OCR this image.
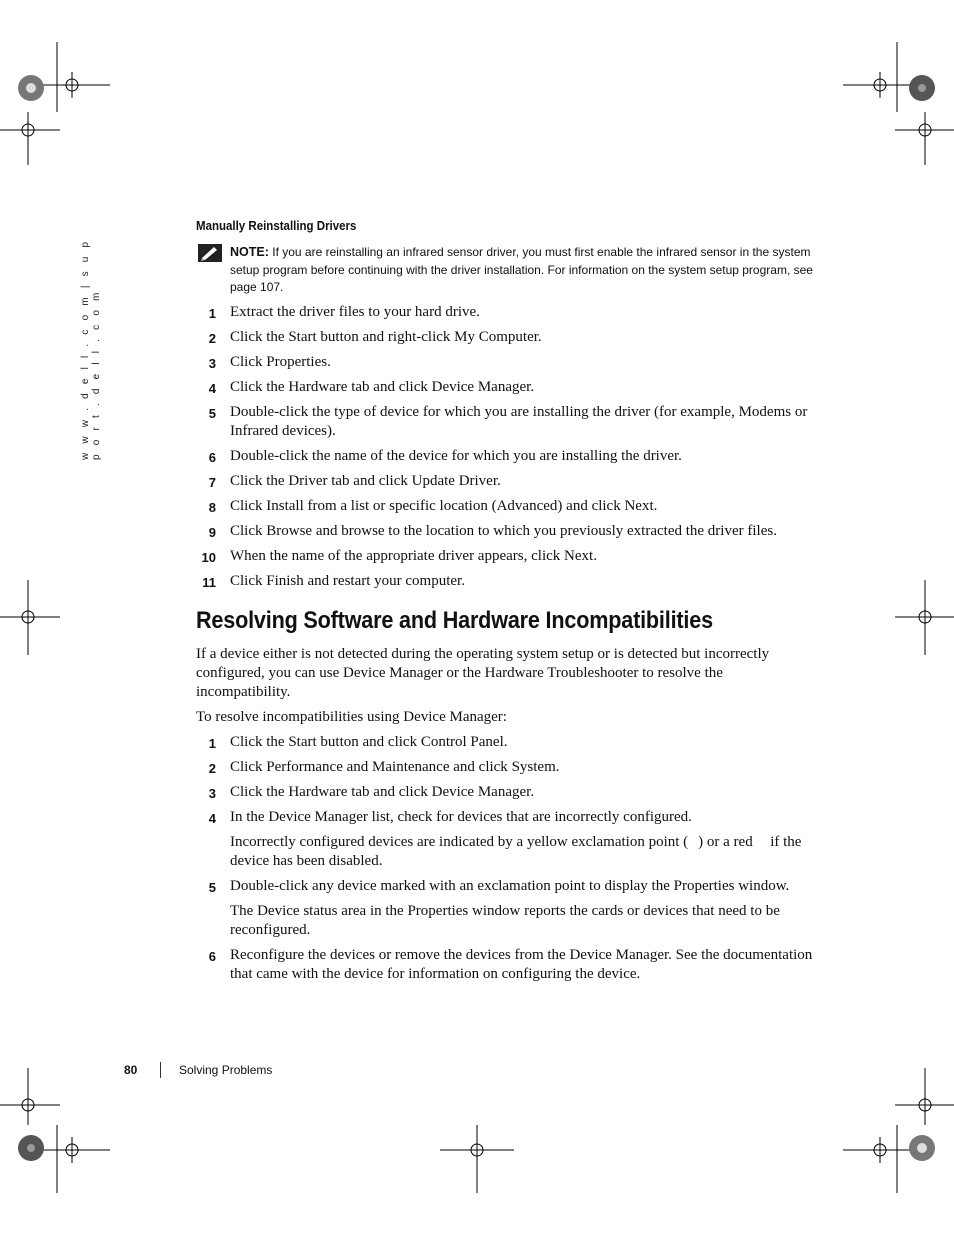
w w w . d e l l . c o m | s u p p o r t . d e l l . c o m
Manually Reinstalling Drivers
NOTE: If you are reinstalling an infrared sensor driver, you must first enable the infrared sensor in the system setup program before continuing with the driver installation. For information on the system setup program, see page 107.
1 Extract the driver files to your hard drive.
2 Click the Start button and right-click My Computer.
3 Click Properties.
4 Click the Hardware tab and click Device Manager.
5 Double-click the type of device for which you are installing the driver (for example, Modems or Infrared devices).
6 Double-click the name of the device for which you are installing the driver.
7 Click the Driver tab and click Update Driver.
8 Click Install from a list or specific location (Advanced) and click Next.
9 Click Browse and browse to the location to which you previously extracted the driver files.
10 When the name of the appropriate driver appears, click Next.
11 Click Finish and restart your computer.
Resolving Software and Hardware Incompatibilities

If a device either is not detected during the operating system setup or is detected but incorrectly configured, you can use Device Manager or the Hardware Troubleshooter to resolve the incompatibility.

To resolve incompatibilities using Device Manager:

1 Click the Start button and click Control Panel.
2 Click Performance and Maintenance and click System.
3 Click the Hardware tab and click Device Manager.
4 In the Device Manager list, check for devices that are incorrectly configured.
Incorrectly configured devices are indicated by a yellow exclamation point ( ) or a red  if the device has been disabled.
5 Double-click any device marked with an exclamation point to display the Properties window.
The Device status area in the Properties window reports the cards or devices that need to be reconfigured.
6 Reconfigure the devices or remove the devices from the Device Manager. See the documentation that came with the device for information on configuring the device.
80	Solving Problems
